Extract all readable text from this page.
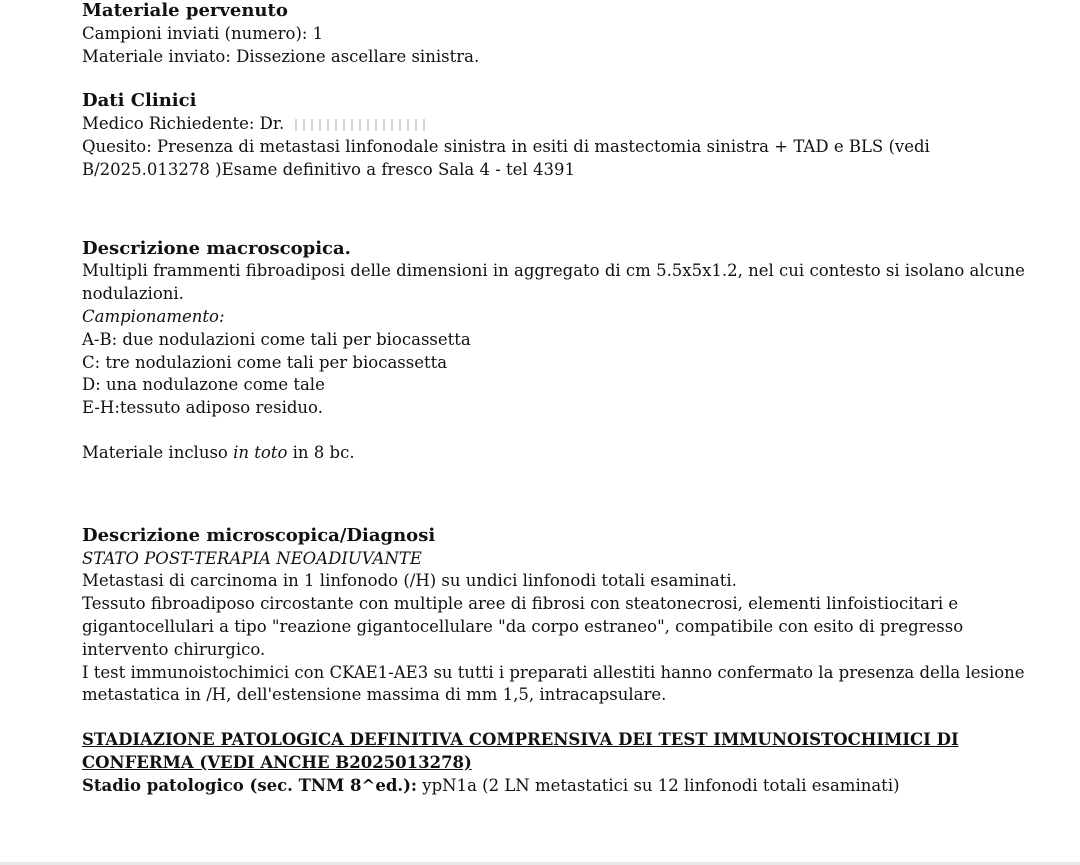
Materiale pervenuto
Campioni inviati (numero): 1
Materiale inviato: Dissezione ascellare sinistra.
Dati Clinici
Medico Richiedente: Dr.
Quesito: Presenza di metastasi linfonodale sinistra in esiti di mastectomia sinistra + TAD e BLS (vedi
B/2025.013278 )Esame definitivo a fresco Sala 4 - tel 4391
Descrizione macroscopica.
Multipli frammenti fibroadiposi delle dimensioni in aggregato di cm 5.5x5x1.2, nel cui contesto si isolano alcune
nodulazioni.
Campionamento:
A-B: due nodulazioni come tali per biocassetta
C: tre nodulazioni come tali per biocassetta
D: una nodulazone come tale
E-H:tessuto adiposo residuo.
Materiale incluso in toto in 8 bc.
Descrizione microscopica/Diagnosi
STATO POST-TERAPIA NEOADIUVANTE
Metastasi di carcinoma in 1 linfonodo (/H) su undici linfonodi totali esaminati.
Tessuto fibroadiposo circostante con multiple aree di fibrosi con steatonecrosi, elementi linfoistiocitari e
gigantocellulari a tipo "reazione gigantocellulare "da corpo estraneo", compatibile con esito di pregresso
intervento chirurgico.
I test immunoistochimici con CKAE1-AE3 su tutti i preparati allestiti hanno confermato la presenza della lesione
metastatica in /H, dell'estensione massima di mm 1,5, intracapsulare.
STADIAZIONE PATOLOGICA DEFINITIVA COMPRENSIVA DEI TEST IMMUNOISTOCHIMICI DI
CONFERMA (VEDI ANCHE B2025013278)
Stadio patologico (sec. TNM 8^ed.): ypN1a (2 LN metastatici su 12 linfonodi totali esaminati)
